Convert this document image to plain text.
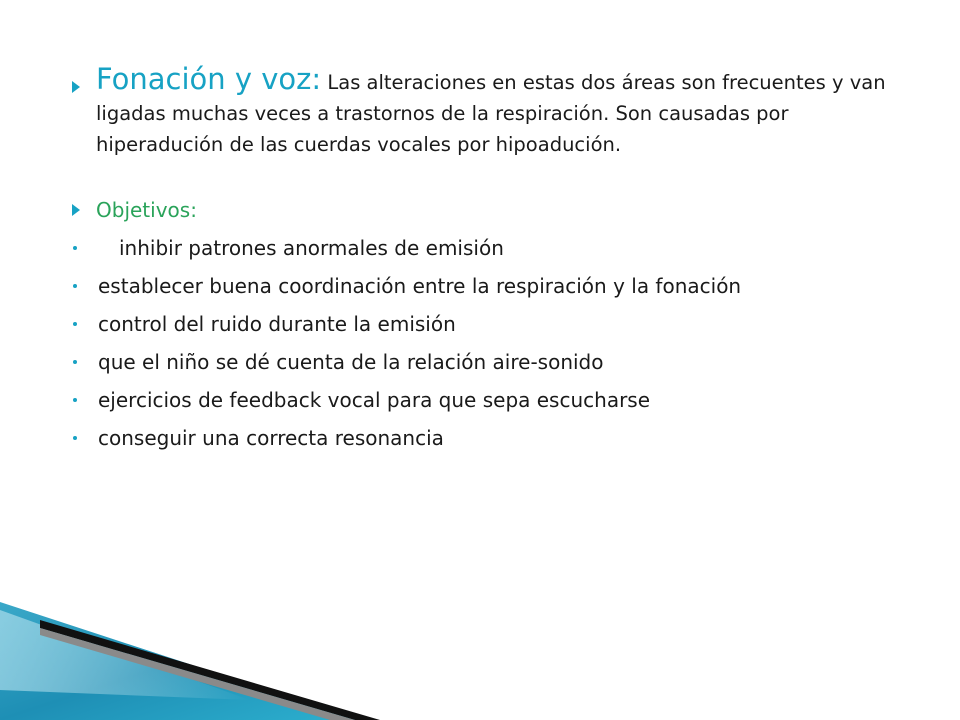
Fonación y voz: Las alteraciones en estas dos áreas son frecuentes y van ligadas muchas veces a trastornos de la respiración. Son causadas por hiperadución de las cuerdas vocales por hipoadución.
Objetivos:
inhibir patrones anormales de emisión
establecer buena coordinación entre la respiración y la fonación
control del ruido durante la emisión
que el niño se dé cuenta de la relación aire-sonido
ejercicios de feedback vocal para que sepa escucharse
conseguir una correcta resonancia
